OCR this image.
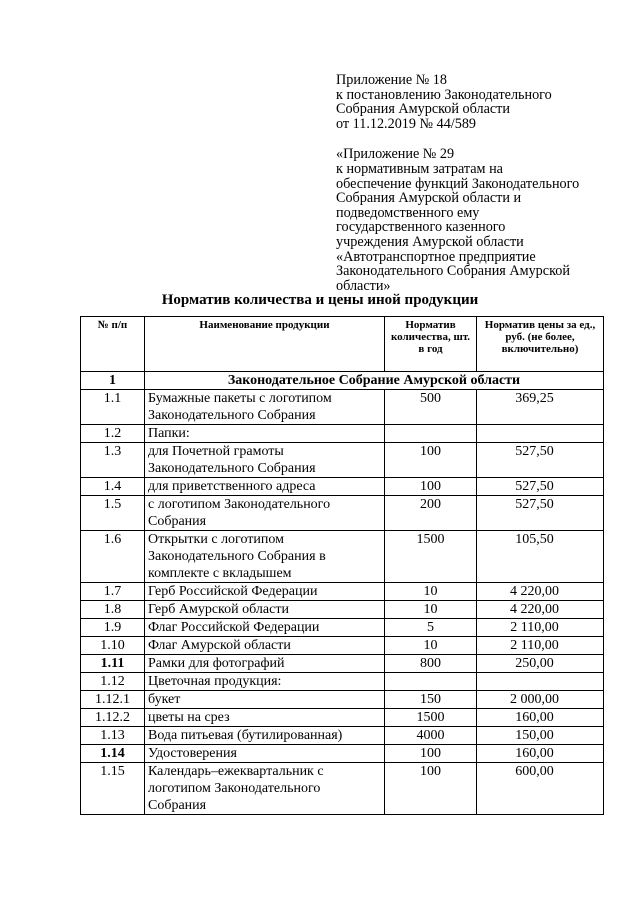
Приложение № 18
к постановлению Законодательного
Собрания Амурской области
от 11.12.2019 № 44/589
«Приложение № 29
к нормативным затратам на
обеспечение функций Законодательного
Собрания Амурской области и
подведомственного ему
государственного казенного
учреждения Амурской области
«Автотранспортное предприятие
Законодательного Собрания Амурской
области»
Норматив количества и цены иной продукции
№ п/п	Наименование продукции	Норматив количества, шт. в год	Норматив цены за ед., руб. (не более, включительно)
1	Законодательное Собрание Амурской области		
1.1	Бумажные пакеты с логотипом Законодательного Собрания	500	369,25
1.2	Папки:		
1.3	для Почетной грамоты Законодательного Собрания	100	527,50
1.4	для приветственного адреса	100	527,50
1.5	с логотипом Законодательного Собрания	200	527,50
1.6	Открытки с логотипом Законодательного Собрания в комплекте с вкладышем	1500	105,50
1.7	Герб Российской Федерации	10	4 220,00
1.8	Герб Амурской области	10	4 220,00
1.9	Флаг Российской Федерации	5	2 110,00
1.10	Флаг Амурской области	10	2 110,00
1.11	Рамки для фотографий	800	250,00
1.12	Цветочная продукция:		
1.12.1	букет	150	2 000,00
1.12.2	цветы на срез	1500	160,00
1.13	Вода питьевая (бутилированная)	4000	150,00
1.14	Удостоверения	100	160,00
1.15	Календарь–ежеквартальник с логотипом Законодательного Собрания	100	600,00
